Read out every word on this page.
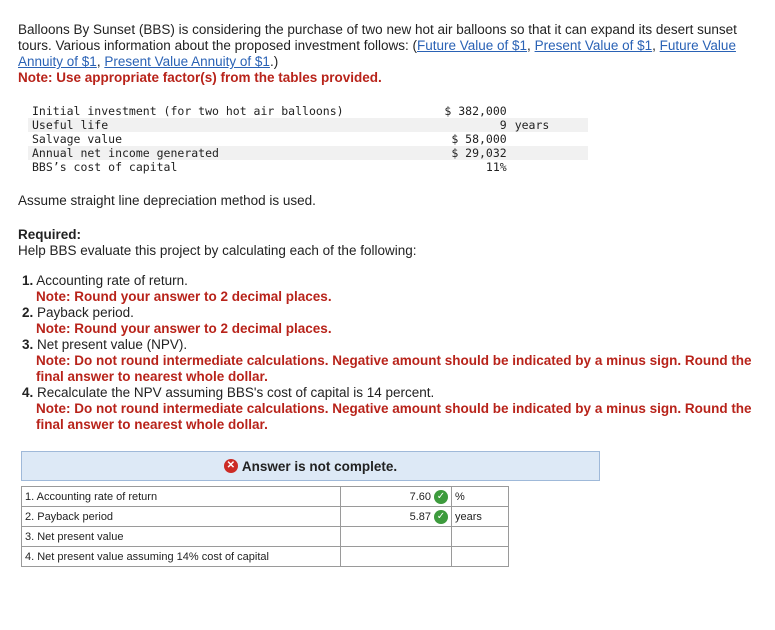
Balloons By Sunset (BBS) is considering the purchase of two new hot air balloons so that it can expand its desert sunset tours. Various information about the proposed investment follows: (Future Value of $1, Present Value of $1, Future Value Annuity of $1, Present Value Annuity of $1.)
Note: Use appropriate factor(s) from the tables provided.
Initial investment (for two hot air balloons)	$ 382,000	
Useful life	9	years
Salvage value	$ 58,000	
Annual net income generated	$ 29,032	
BBS’s cost of capital	11%	
Assume straight line depreciation method is used.
Required:
Help BBS evaluate this project by calculating each of the following:
1. Accounting rate of return.
Note: Round your answer to 2 decimal places.
2. Payback period.
Note: Round your answer to 2 decimal places.
3. Net present value (NPV).
Note: Do not round intermediate calculations. Negative amount should be indicated by a minus sign. Round the final answer to nearest whole dollar.
4. Recalculate the NPV assuming BBS's cost of capital is 14 percent.
Note: Do not round intermediate calculations. Negative amount should be indicated by a minus sign. Round the final answer to nearest whole dollar.
✕ Answer is not complete.
1. Accounting rate of return	7.60 ✓	%
2. Payback period	5.87 ✓	years
3. Net present value		
4. Net present value assuming 14% cost of capital		
